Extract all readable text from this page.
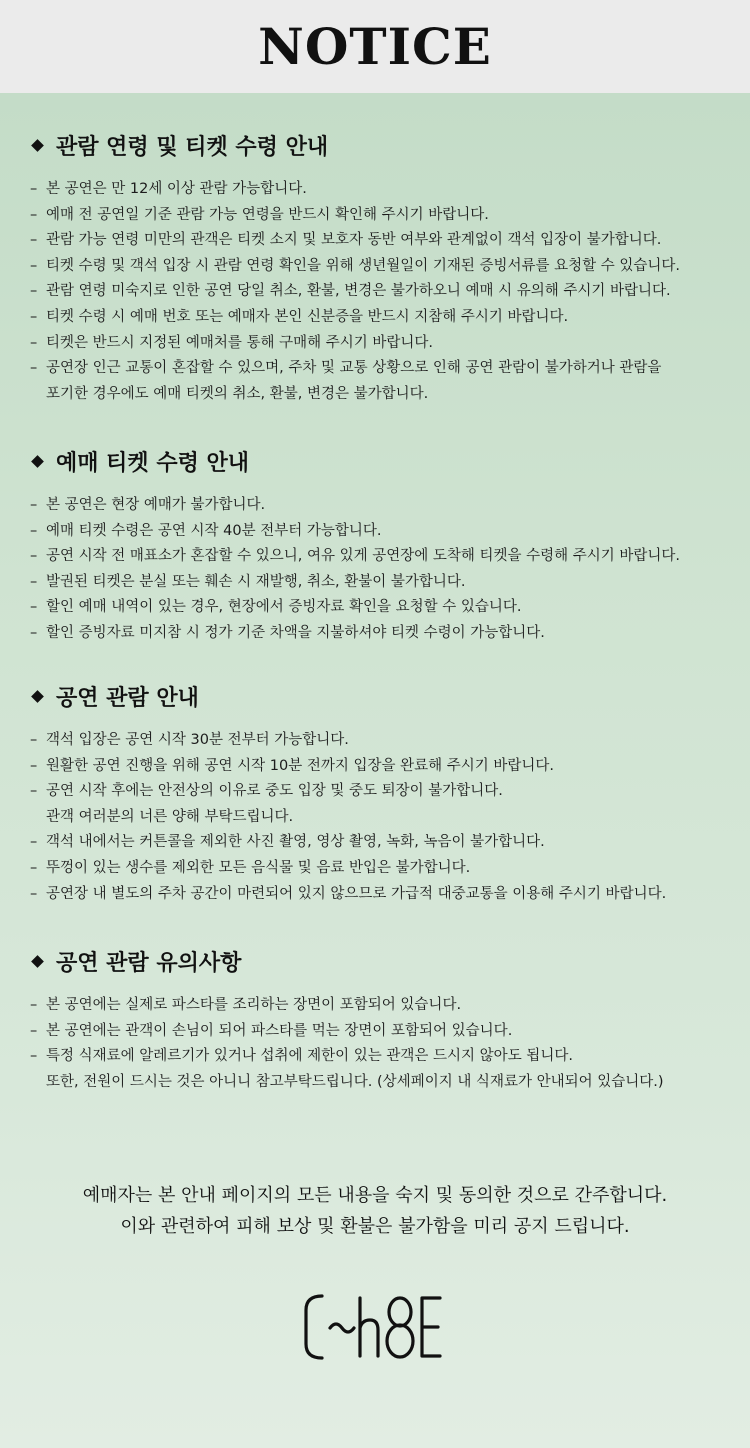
NOTICE
관람 연령 및 티켓 수령 안내
– 본 공연은 만 12세 이상 관람 가능합니다.
– 예매 전 공연일 기준 관람 가능 연령을 반드시 확인해 주시기 바랍니다.
– 관람 가능 연령 미만의 관객은 티켓 소지 및 보호자 동반 여부와 관계없이 객석 입장이 불가합니다.
– 티켓 수령 및 객석 입장 시 관람 연령 확인을 위해 생년월일이 기재된 증빙서류를 요청할 수 있습니다.
– 관람 연령 미숙지로 인한 공연 당일 취소, 환불, 변경은 불가하오니 예매 시 유의해 주시기 바랍니다.
– 티켓 수령 시 예매 번호 또는 예매자 본인 신분증을 반드시 지참해 주시기 바랍니다.
– 티켓은 반드시 지정된 예매처를 통해 구매해 주시기 바랍니다.
– 공연장 인근 교통이 혼잡할 수 있으며, 주차 및 교통 상황으로 인해 공연 관람이 불가하거나 관람을
포기한 경우에도 예매 티켓의 취소, 환불, 변경은 불가합니다.
예매 티켓 수령 안내
– 본 공연은 현장 예매가 불가합니다.
– 예매 티켓 수령은 공연 시작 40분 전부터 가능합니다.
– 공연 시작 전 매표소가 혼잡할 수 있으니, 여유 있게 공연장에 도착해 티켓을 수령해 주시기 바랍니다.
– 발권된 티켓은 분실 또는 훼손 시 재발행, 취소, 환불이 불가합니다.
– 할인 예매 내역이 있는 경우, 현장에서 증빙자료 확인을 요청할 수 있습니다.
– 할인 증빙자료 미지참 시 정가 기준 차액을 지불하셔야 티켓 수령이 가능합니다.
공연 관람 안내
– 객석 입장은 공연 시작 30분 전부터 가능합니다.
– 원활한 공연 진행을 위해 공연 시작 10분 전까지 입장을 완료해 주시기 바랍니다.
– 공연 시작 후에는 안전상의 이유로 중도 입장 및 중도 퇴장이 불가합니다.
관객 여러분의 너른 양해 부탁드립니다.
– 객석 내에서는 커튼콜을 제외한 사진 촬영, 영상 촬영, 녹화, 녹음이 불가합니다.
– 뚜껑이 있는 생수를 제외한 모든 음식물 및 음료 반입은 불가합니다.
– 공연장 내 별도의 주차 공간이 마련되어 있지 않으므로 가급적 대중교통을 이용해 주시기 바랍니다.
공연 관람 유의사항
– 본 공연에는 실제로 파스타를 조리하는 장면이 포함되어 있습니다.
– 본 공연에는 관객이 손님이 되어 파스타를 먹는 장면이 포함되어 있습니다.
– 특정 식재료에 알레르기가 있거나 섭취에 제한이 있는 관객은 드시지 않아도 됩니다.
또한, 전원이 드시는 것은 아니니 참고부탁드립니다. (상세페이지 내 식재료가 안내되어 있습니다.)
예매자는 본 안내 페이지의 모든 내용을 숙지 및 동의한 것으로 간주합니다.
이와 관련하여 피해 보상 및 환불은 불가함을 미리 공지 드립니다.
